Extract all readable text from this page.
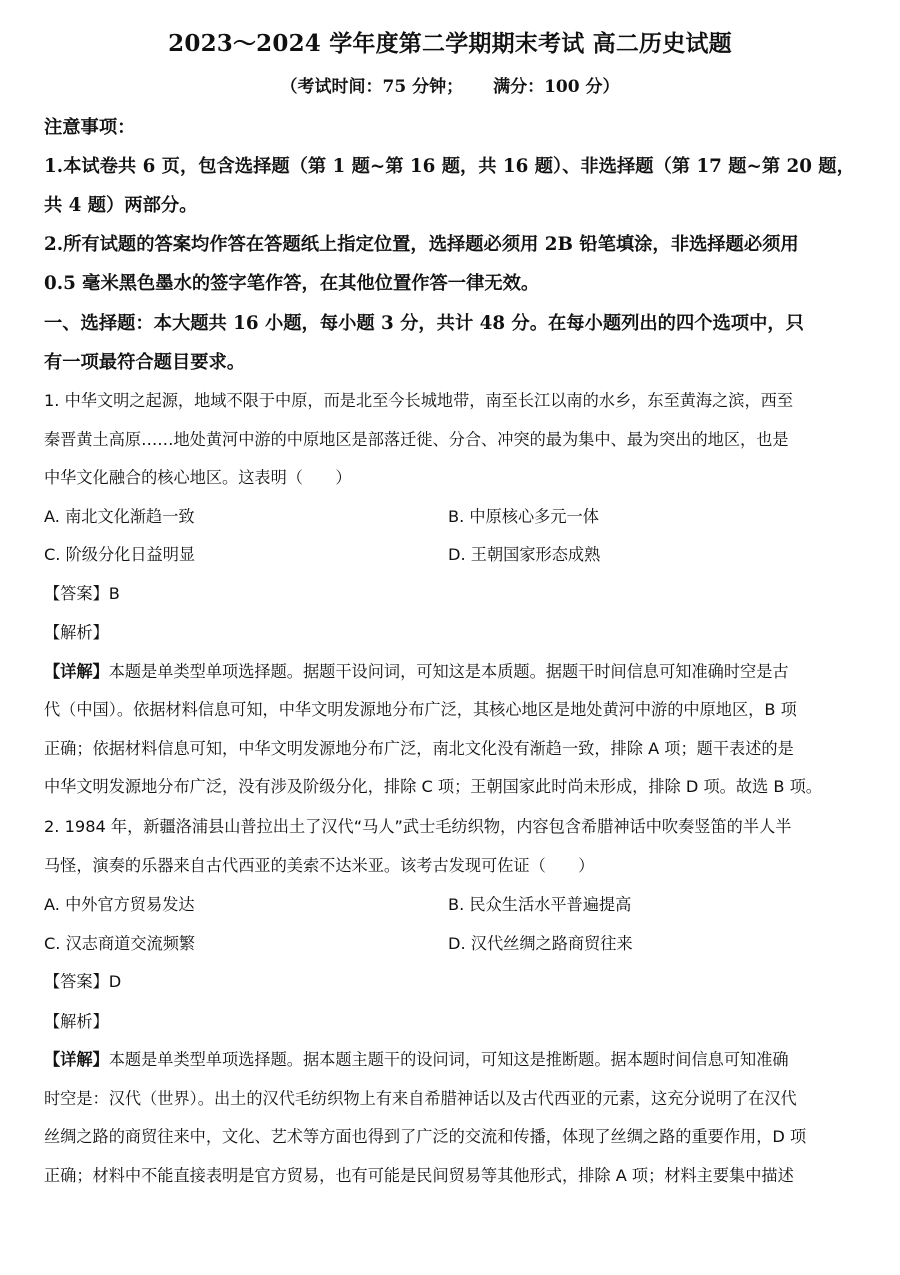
2023～2024 学年度第二学期期末考试 高二历史试题
（考试时间：75 分钟； 满分：100 分）
注意事项：
1.本试卷共 6 页，包含选择题（第 1 题~第 16 题，共 16 题）、非选择题（第 17 题~第 20 题，
共 4 题）两部分。
2.所有试题的答案均作答在答题纸上指定位置，选择题必须用 2B 铅笔填涂，非选择题必须用
0.5 毫米黑色墨水的签字笔作答，在其他位置作答一律无效。
一、选择题：本大题共 16 小题，每小题 3 分，共计 48 分。在每小题列出的四个选项中，只
有一项最符合题目要求。
1. 中华文明之起源，地域不限于中原，而是北至今长城地带，南至长江以南的水乡，东至黄海之滨，西至
秦晋黄土高原……地处黄河中游的中原地区是部落迁徙、分合、冲突的最为集中、最为突出的地区，也是
中华文化融合的核心地区。这表明（　　）
A. 南北文化渐趋一致	B. 中原核心多元一体
C. 阶级分化日益明显	D. 王朝国家形态成熟
【答案】B
【解析】
【详解】本题是单类型单项选择题。据题干设问词，可知这是本质题。据题干时间信息可知准确时空是古
代（中国）。依据材料信息可知，中华文明发源地分布广泛，其核心地区是地处黄河中游的中原地区，B 项
正确；依据材料信息可知，中华文明发源地分布广泛，南北文化没有渐趋一致，排除 A 项；题干表述的是
中华文明发源地分布广泛，没有涉及阶级分化，排除 C 项；王朝国家此时尚未形成，排除 D 项。故选 B 项。
2. 1984 年，新疆洛浦县山普拉出土了汉代“马人”武士毛纺织物，内容包含希腊神话中吹奏竖笛的半人半
马怪，演奏的乐器来自古代西亚的美索不达米亚。该考古发现可佐证（　　）
A. 中外官方贸易发达	B. 民众生活水平普遍提高
C. 汉志商道交流频繁	D. 汉代丝绸之路商贸往来
【答案】D
【解析】
【详解】本题是单类型单项选择题。据本题主题干的设问词，可知这是推断题。据本题时间信息可知准确
时空是：汉代（世界）。出土的汉代毛纺织物上有来自希腊神话以及古代西亚的元素，这充分说明了在汉代
丝绸之路的商贸往来中，文化、艺术等方面也得到了广泛的交流和传播，体现了丝绸之路的重要作用，D 项
正确；材料中不能直接表明是官方贸易，也有可能是民间贸易等其他形式，排除 A 项；材料主要集中描述
